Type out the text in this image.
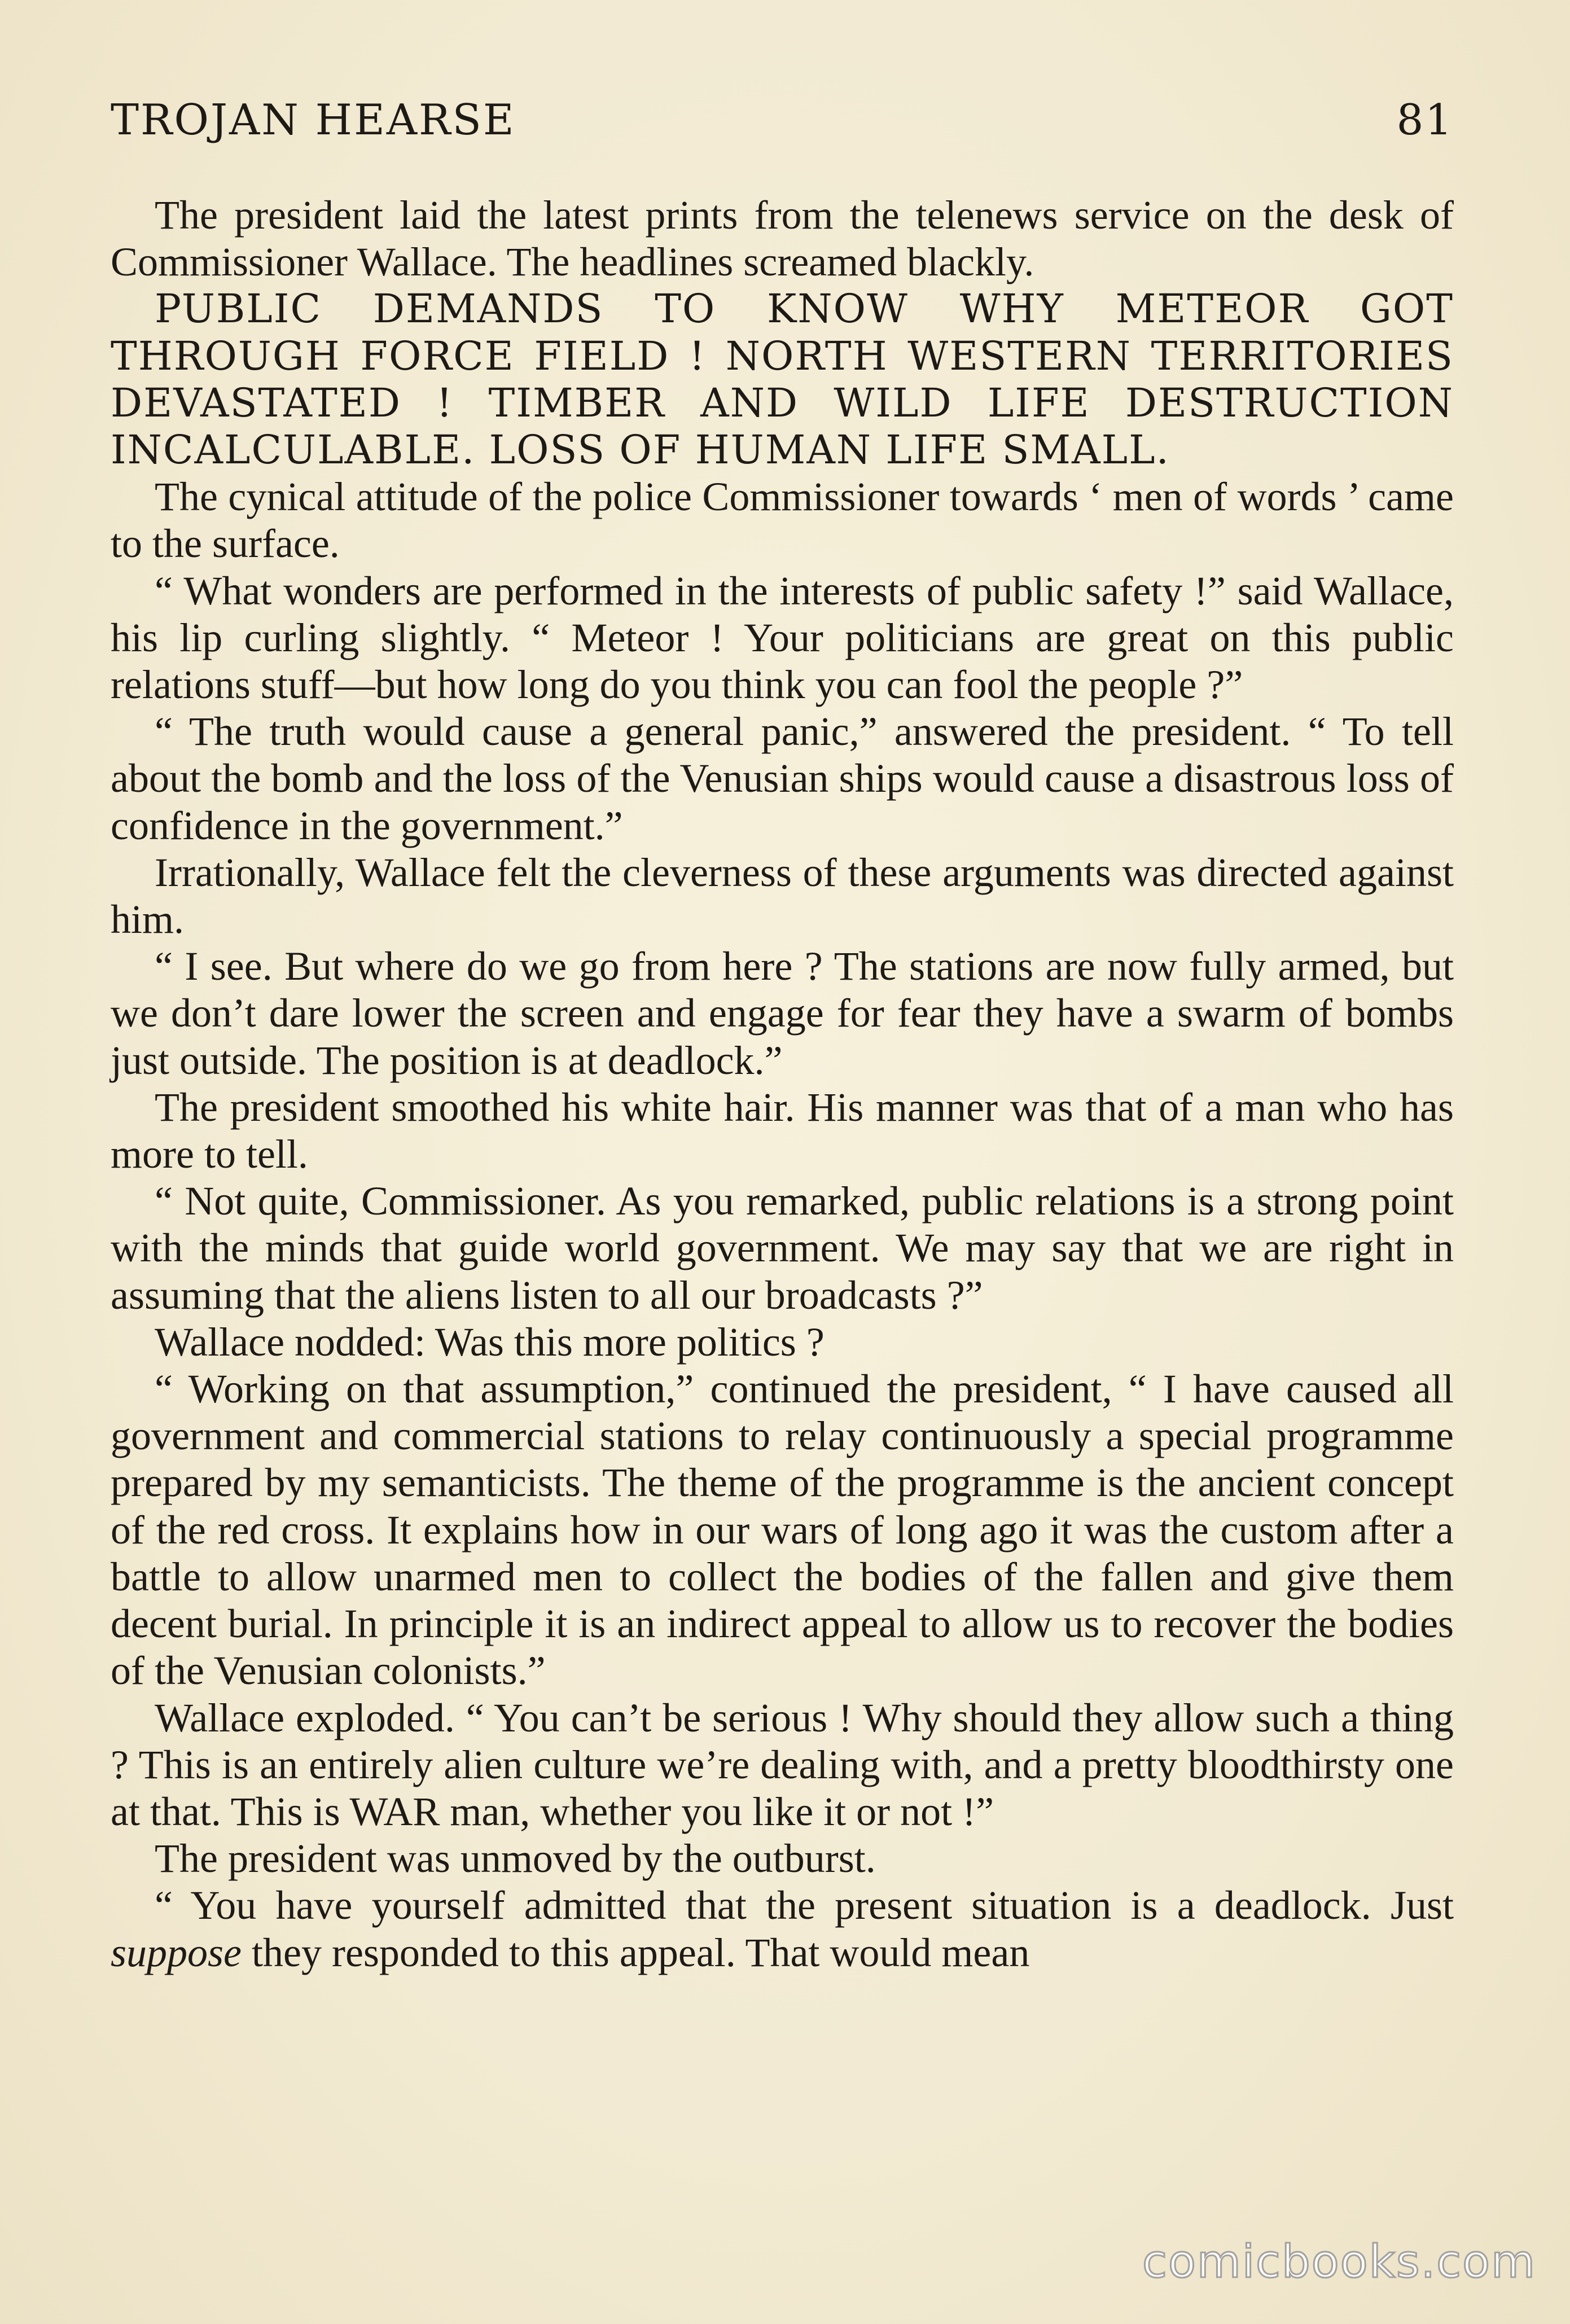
TROJAN HEARSE	81

The president laid the latest prints from the telenews service on the desk of Commissioner Wallace. The headlines screamed blackly.

PUBLIC DEMANDS TO KNOW WHY METEOR GOT THROUGH FORCE FIELD ! NORTH WESTERN TERRITORIES DEVASTATED ! TIMBER AND WILD LIFE DESTRUCTION INCALCULABLE. LOSS OF HUMAN LIFE SMALL.

The cynical attitude of the police Commissioner towards ‘ men of words ’ came to the surface.

“ What wonders are performed in the interests of public safety !” said Wallace, his lip curling slightly. “ Meteor ! Your politicians are great on this public relations stuff—but how long do you think you can fool the people ?”

“ The truth would cause a general panic,” answered the president. “ To tell about the bomb and the loss of the Venusian ships would cause a disastrous loss of confidence in the government.”

Irrationally, Wallace felt the cleverness of these arguments was directed against him.

“ I see. But where do we go from here ? The stations are now fully armed, but we don’t dare lower the screen and engage for fear they have a swarm of bombs just outside. The position is at deadlock.”

The president smoothed his white hair. His manner was that of a man who has more to tell.

“ Not quite, Commissioner. As you remarked, public relations is a strong point with the minds that guide world government. We may say that we are right in assuming that the aliens listen to all our broadcasts ?”

Wallace nodded: Was this more politics ?

“ Working on that assumption,” continued the president, “ I have caused all government and commercial stations to relay continuously a special programme prepared by my semanticists. The theme of the programme is the ancient concept of the red cross. It explains how in our wars of long ago it was the custom after a battle to allow unarmed men to collect the bodies of the fallen and give them decent burial. In principle it is an indirect appeal to allow us to recover the bodies of the Venusian colonists.”

Wallace exploded. “ You can’t be serious ! Why should they allow such a thing ? This is an entirely alien culture we’re dealing with, and a pretty bloodthirsty one at that. This is WAR man, whether you like it or not !”

The president was unmoved by the outburst.

“ You have yourself admitted that the present situation is a deadlock. Just suppose they responded to this appeal. That would mean

comicbooks.com
